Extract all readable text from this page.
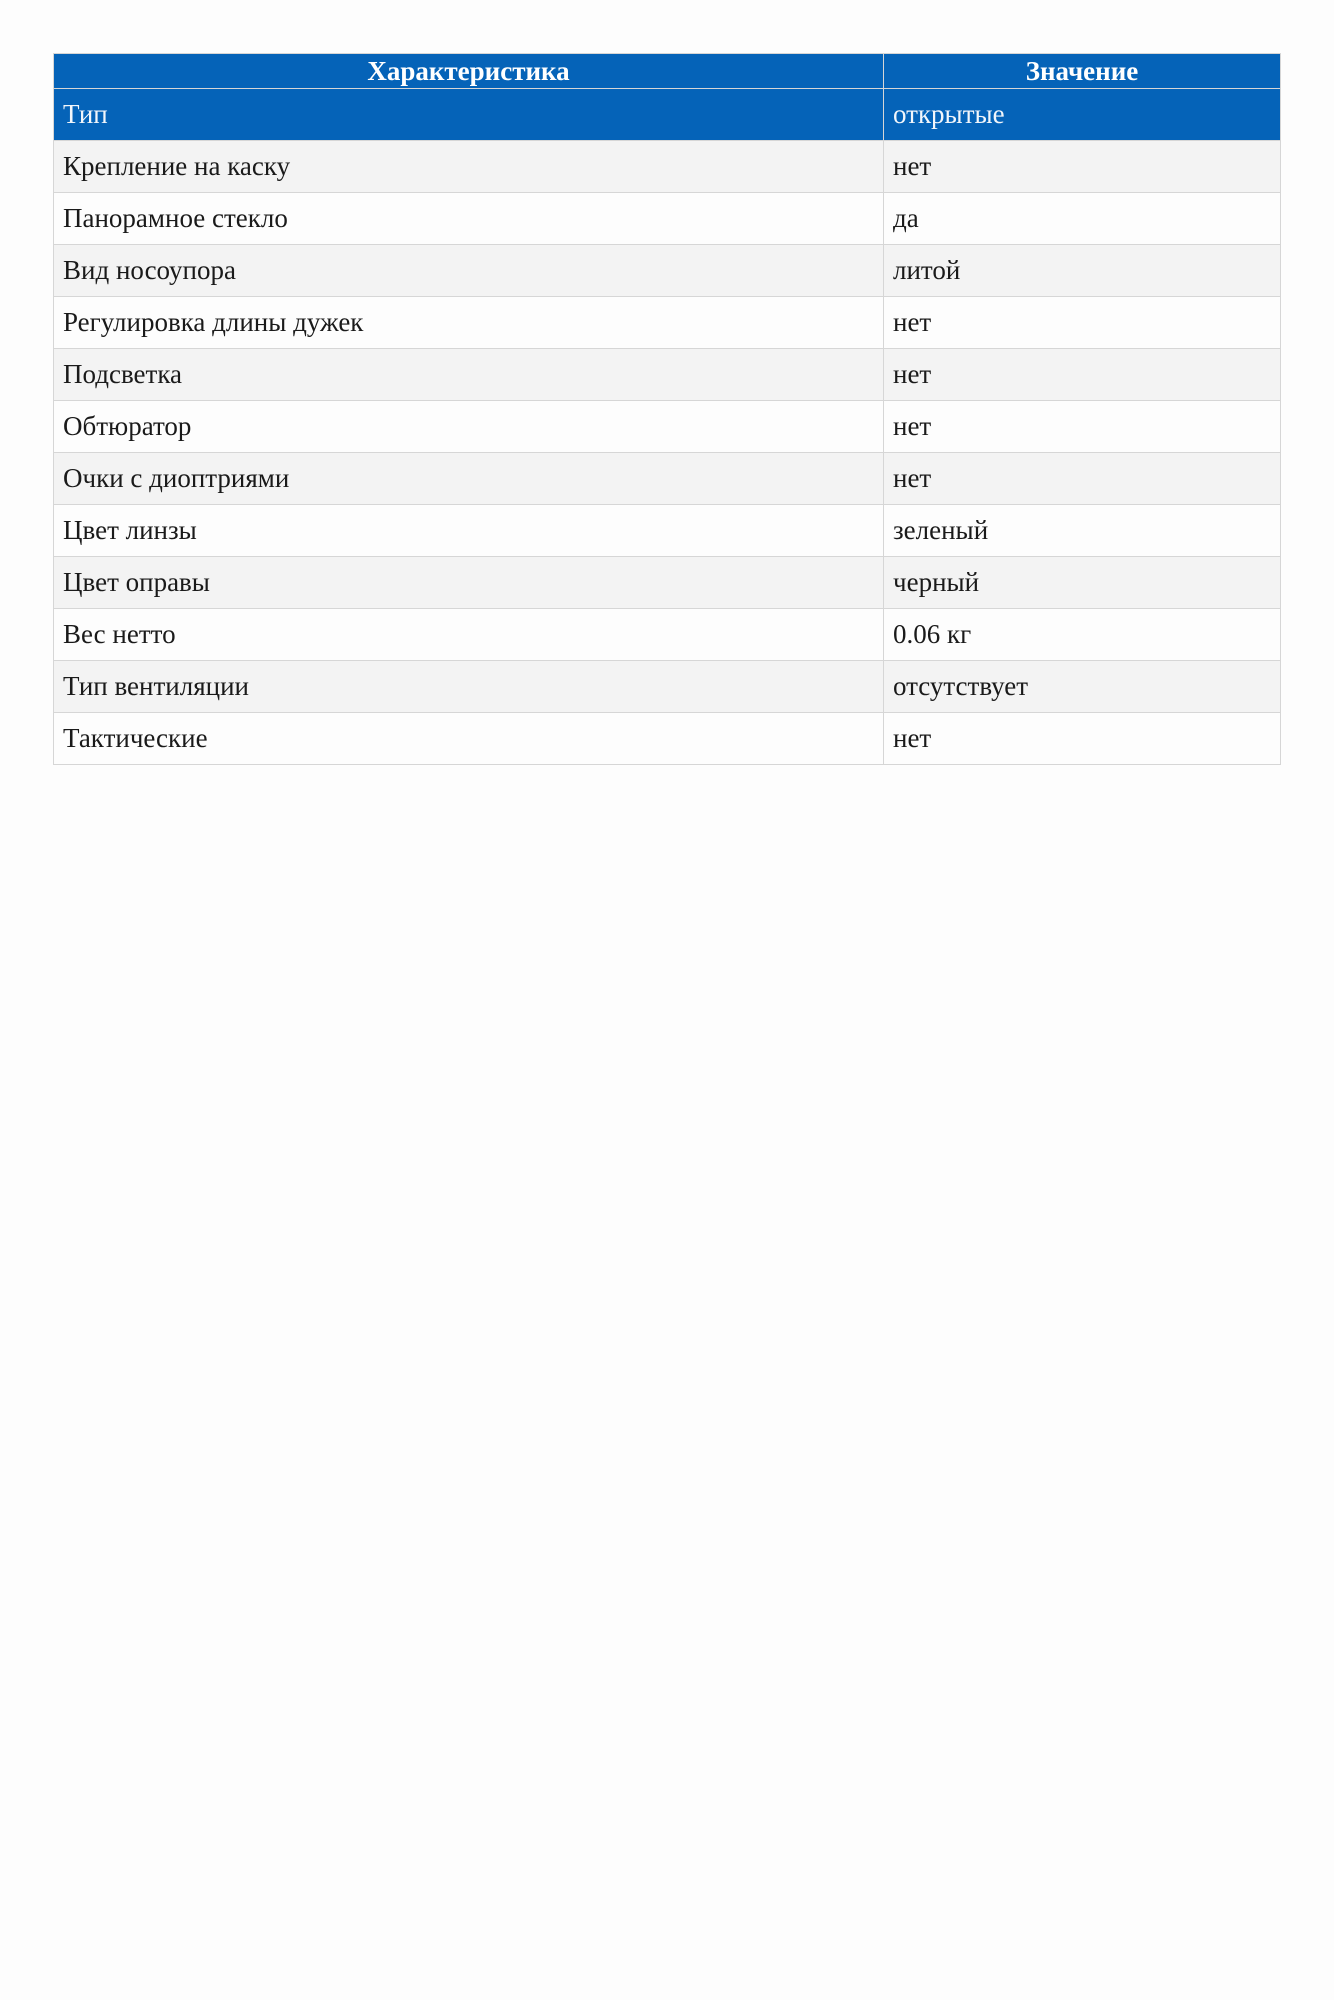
Характеристика	Значение
Тип	открытые
Крепление на каску	нет
Панорамное стекло	да
Вид носоупора	литой
Регулировка длины дужек	нет
Подсветка	нет
Обтюратор	нет
Очки с диоптриями	нет
Цвет линзы	зеленый
Цвет оправы	черный
Вес нетто	0.06 кг
Тип вентиляции	отсутствует
Тактические	нет
